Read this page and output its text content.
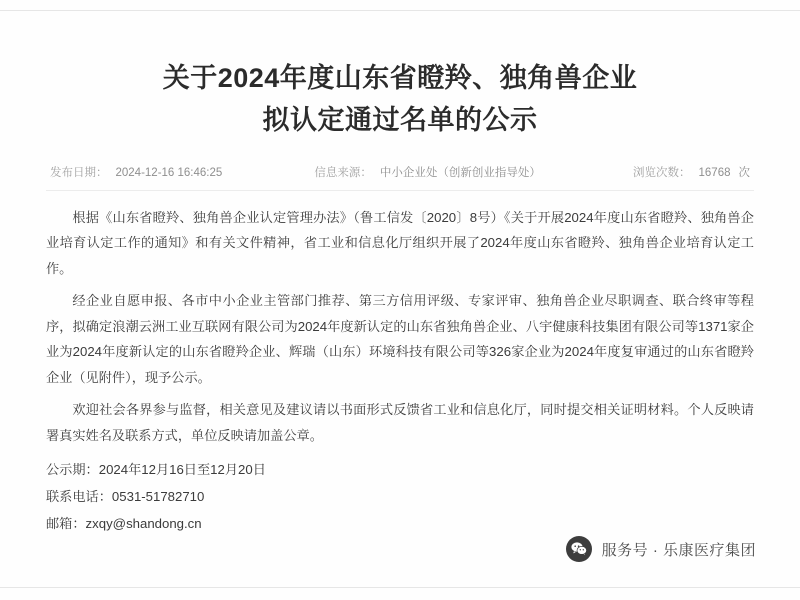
关于2024年度山东省瞪羚、独角兽企业
拟认定通过名单的公示
发布日期： 2024-12-16 16:46:25	信息来源： 中小企业处（创新创业指导处）	浏览次数： 16768 次

根据《山东省瞪羚、独角兽企业认定管理办法》（鲁工信发〔2020〕8号）《关于开展2024年度山东省瞪羚、独角兽企业培育认定工作的通知》和有关文件精神，省工业和信息化厅组织开展了2024年度山东省瞪羚、独角兽企业培育认定工作。

经企业自愿申报、各市中小企业主管部门推荐、第三方信用评级、专家评审、独角兽企业尽职调查、联合终审等程序，拟确定浪潮云洲工业互联网有限公司为2024年度新认定的山东省独角兽企业、八宇健康科技集团有限公司等1371家企业为2024年度新认定的山东省瞪羚企业、辉瑞（山东）环境科技有限公司等326家企业为2024年度复审通过的山东省瞪羚企业（见附件），现予公示。

欢迎社会各界参与监督，相关意见及建议请以书面形式反馈省工业和信息化厅，同时提交相关证明材料。个人反映请署真实姓名及联系方式，单位反映请加盖公章。

公示期：2024年12月16日至12月20日
联系电话：0531-51782710
邮箱：zxqy@shandong.cn
服务号 · 乐康医疗集团
